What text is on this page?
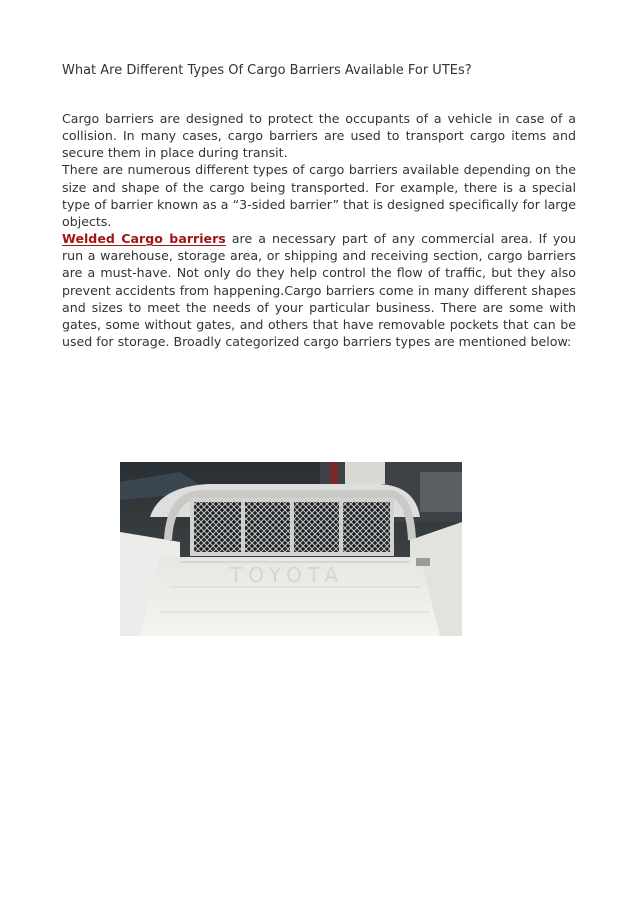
What Are Different Types Of Cargo Barriers Available For UTEs?

Cargo barriers are designed to protect the occupants of a vehicle in case of a collision. In many cases, cargo barriers are used to transport cargo items and secure them in place during transit.

There are numerous different types of cargo barriers available depending on the size and shape of the cargo being transported. For example, there is a special type of barrier known as a “3-sided barrier” that is designed specifically for large objects.

Welded Cargo barriers are a necessary part of any commercial area. If you run a warehouse, storage area, or shipping and receiving section, cargo barriers are a must-have. Not only do they help control the flow of traffic, but they also prevent accidents from happening.Cargo barriers come in many different shapes and sizes to meet the needs of your particular business. There are some with gates, some without gates, and others that have removable pockets that can be used for storage. Broadly categorized cargo barriers types are mentioned below:

TOYOTA
